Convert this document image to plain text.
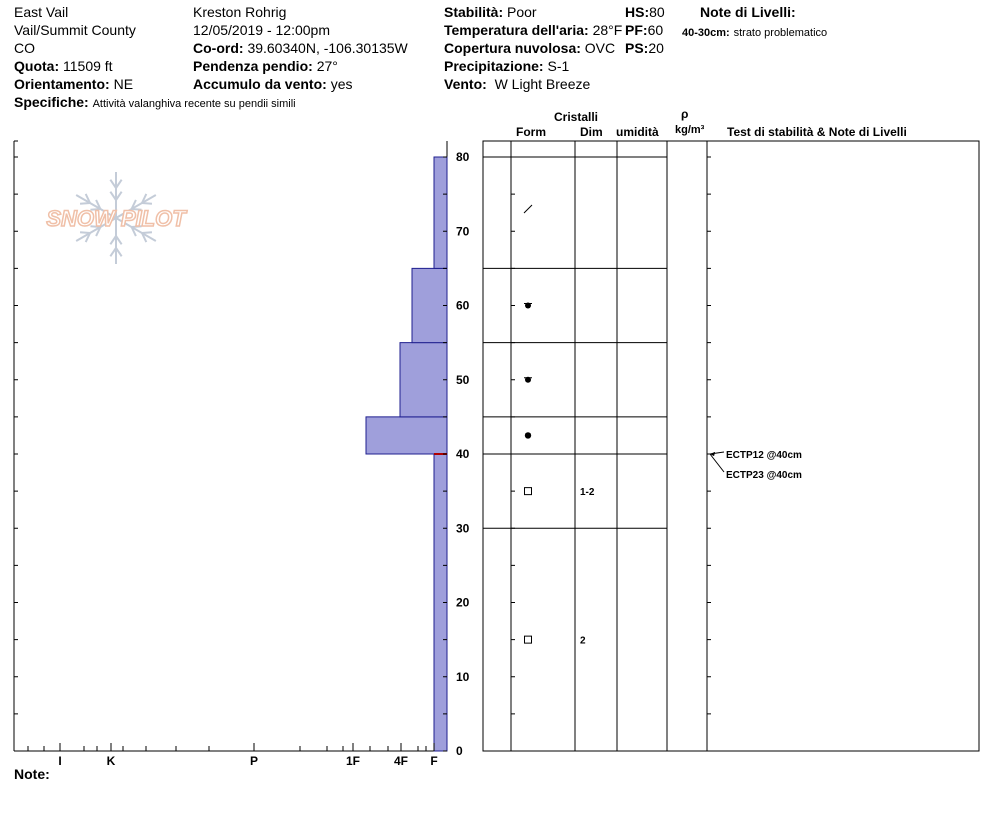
East Vail
Vail/Summit County
CO
Quota: 11509 ft
Orientamento: NE
Specifiche: Attività valanghiva recente su pendii simili
Kreston Rohrig
12/05/2019 - 12:00pm
Co-ord: 39.60340N, -106.30135W
Pendenza pendio: 27°
Accumulo da vento: yes
Stabilità: Poor
Temperatura dell'aria: 28°F
Copertura nuvolosa: OVC
Precipitazione: S-1
Vento: W Light Breeze
HS:80
PF:60
PS:20
Note di Livelli:
40-30cm: strato problematico
Cristalli
Form	Dim umidità
ρ
kg/m³ Test di stabilità & Note di Livelli
Note:
SNOW PILOT
0
10
20
30
40
50
60
70
80
I	K	P	1F	4F F
1-2
2
ECTP12 @40cm
ECTP23 @40cm
